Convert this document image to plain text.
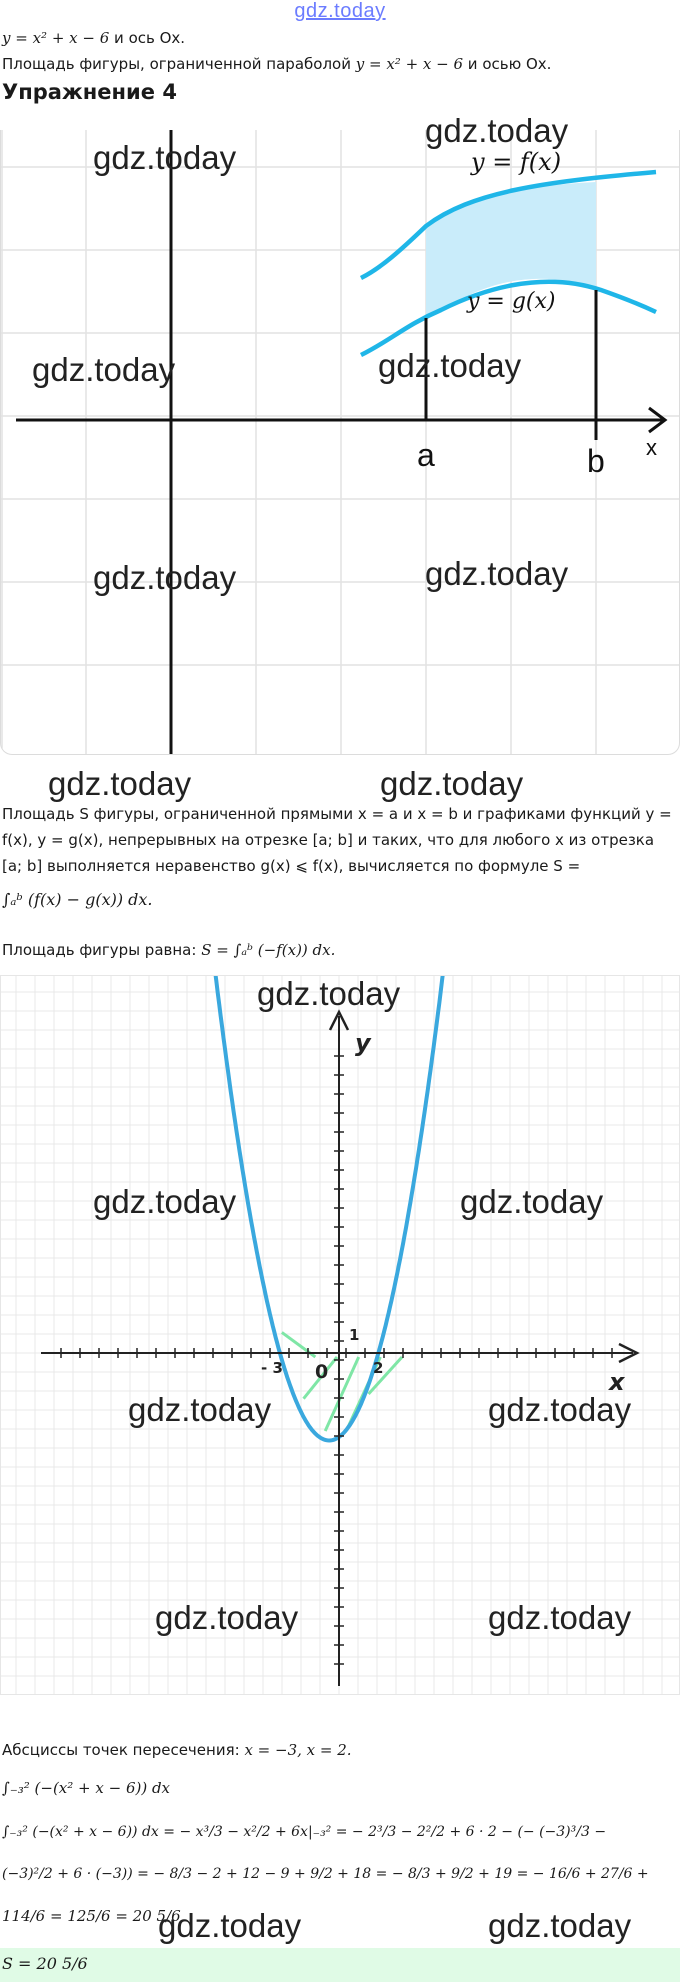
gdz.today
y = x² + x − 6 и ось Ox.
Площадь фигуры, ограниченной параболой y = x² + x − 6 и осью Ox.
Упражнение 4
y = f(x)
y = g(x)
a	b x
Площадь S фигуры, ограниченной прямыми x = a и x = b и графиками функций y =
f(x), y = g(x), непрерывных на отрезке [a; b] и таких, что для любого x из отрезка
[a; b] выполняется неравенство g(x) ⩽ f(x), вычисляется по формуле S =
∫ₐᵇ (f(x) − g(x)) dx.
Площадь фигуры равна: S = ∫ₐᵇ (−f(x)) dx.
y
x
1
0
- 3	2
Абсциссы точек пересечения: x = −3, x = 2.
∫₋₃² (−(x² + x − 6)) dx
∫₋₃² (−(x² + x − 6)) dx = − x³/3 − x²/2 + 6x|₋₃² = − 2³/3 − 2²/2 + 6 · 2 − (− (−3)³/3 −
(−3)²/2 + 6 · (−3)) = − 8/3 − 2 + 12 − 9 + 9/2 + 18 = − 8/3 + 9/2 + 19 = − 16/6 + 27/6 +
114/6 = 125/6 = 20 5/6
S = 20 5/6
gdz.today
gdz.today
gdz.today	gdz.today
gdz.today	gdz.today
gdz.today	gdz.today
gdz.today
gdz.today	gdz.today
gdz.today	gdz.today
gdz.today	gdz.today
gdz.today	gdz.today
